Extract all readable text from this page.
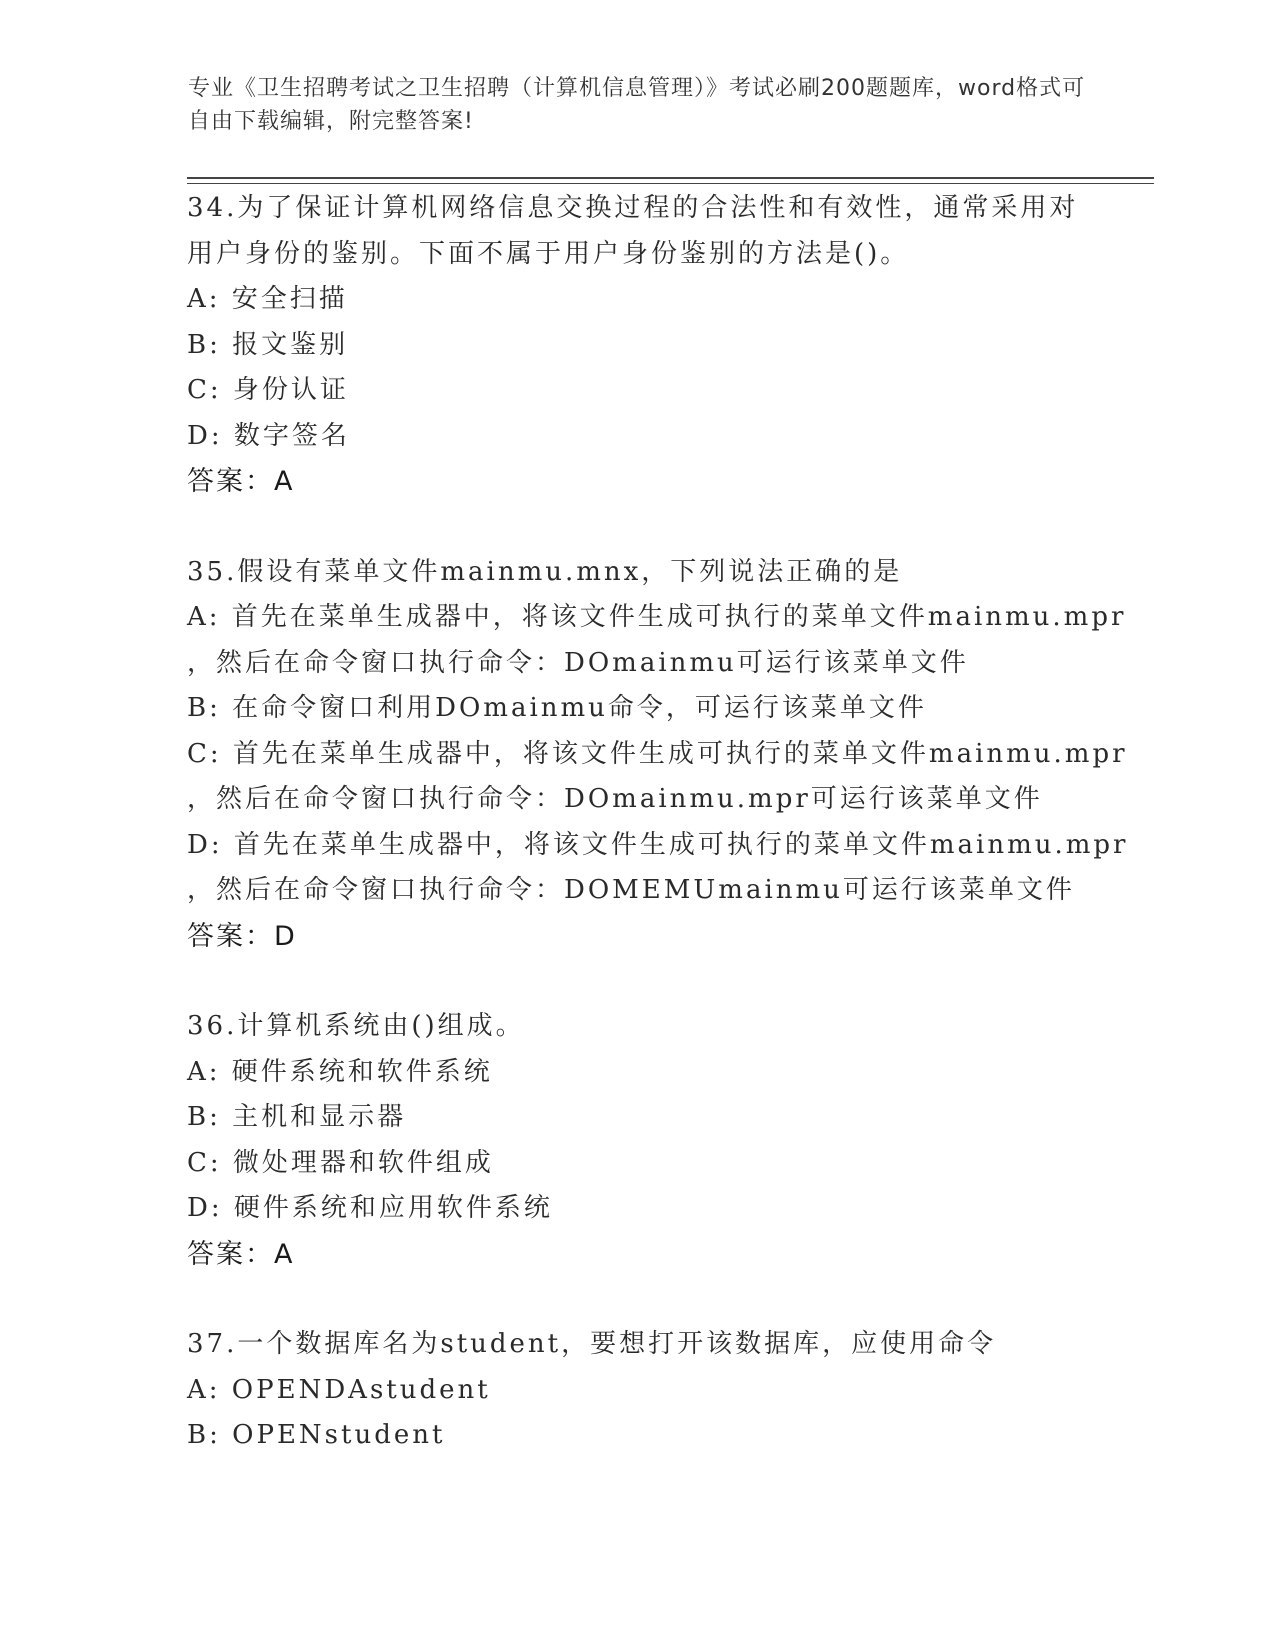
专业《卫生招聘考试之卫生招聘（计算机信息管理）》考试必刷200题题库，word格式可自由下载编辑，附完整答案!
34.为了保证计算机网络信息交换过程的合法性和有效性，通常采用对
用户身份的鉴别。下面不属于用户身份鉴别的方法是()。
A: 安全扫描
B: 报文鉴别
C: 身份认证
D: 数字签名
答案：A
35.假设有菜单文件mainmu.mnx，下列说法正确的是
A: 首先在菜单生成器中，将该文件生成可执行的菜单文件mainmu.mpr
，然后在命令窗口执行命令：DOmainmu可运行该菜单文件
B: 在命令窗口利用DOmainmu命令，可运行该菜单文件
C: 首先在菜单生成器中，将该文件生成可执行的菜单文件mainmu.mpr
，然后在命令窗口执行命令：DOmainmu.mpr可运行该菜单文件
D: 首先在菜单生成器中，将该文件生成可执行的菜单文件mainmu.mpr
，然后在命令窗口执行命令：DOMEMUmainmu可运行该菜单文件
答案：D
36.计算机系统由()组成。
A: 硬件系统和软件系统
B: 主机和显示器
C: 微处理器和软件组成
D: 硬件系统和应用软件系统
答案：A
37.一个数据库名为student，要想打开该数据库，应使用命令
A: OPENDAstudent
B: OPENstudent
